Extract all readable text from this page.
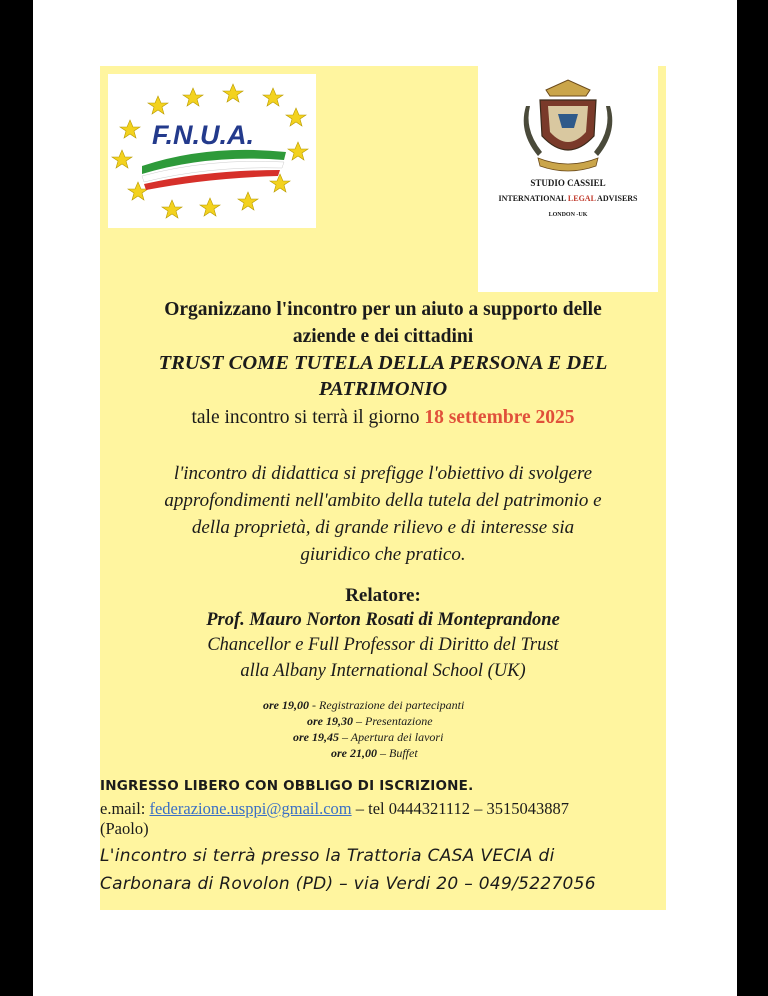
F.N.U.A.
STUDIO CASSIEL
INTERNATIONAL LEGAL ADVISERS
LONDON -UK
Organizzano l'incontro per un aiuto a supporto delle
aziende e dei cittadini
TRUST COME TUTELA DELLA PERSONA E DEL
PATRIMONIO
tale incontro si terrà il giorno 18 settembre 2025
l'incontro di didattica si prefigge l'obiettivo di svolgere
approfondimenti nell'ambito della tutela del patrimonio e
della proprietà, di grande rilievo e di interesse sia
giuridico che pratico.
Relatore:
Prof. Mauro Norton Rosati di Monteprandone
Chancellor e Full Professor di Diritto del Trust
alla Albany International School (UK)
ore 19,00 - Registrazione dei partecipanti
ore 19,30 – Presentazione
ore 19,45 – Apertura dei lavori
ore 21,00 – Buffet
INGRESSO LIBERO CON OBBLIGO DI ISCRIZIONE.
e.mail: federazione.usppi@gmail.com – tel 0444321112 – 3515043887
(Paolo)
L'incontro si terrà presso la Trattoria CASA VECIA di
Carbonara di Rovolon (PD) – via Verdi 20 – 049/5227056
